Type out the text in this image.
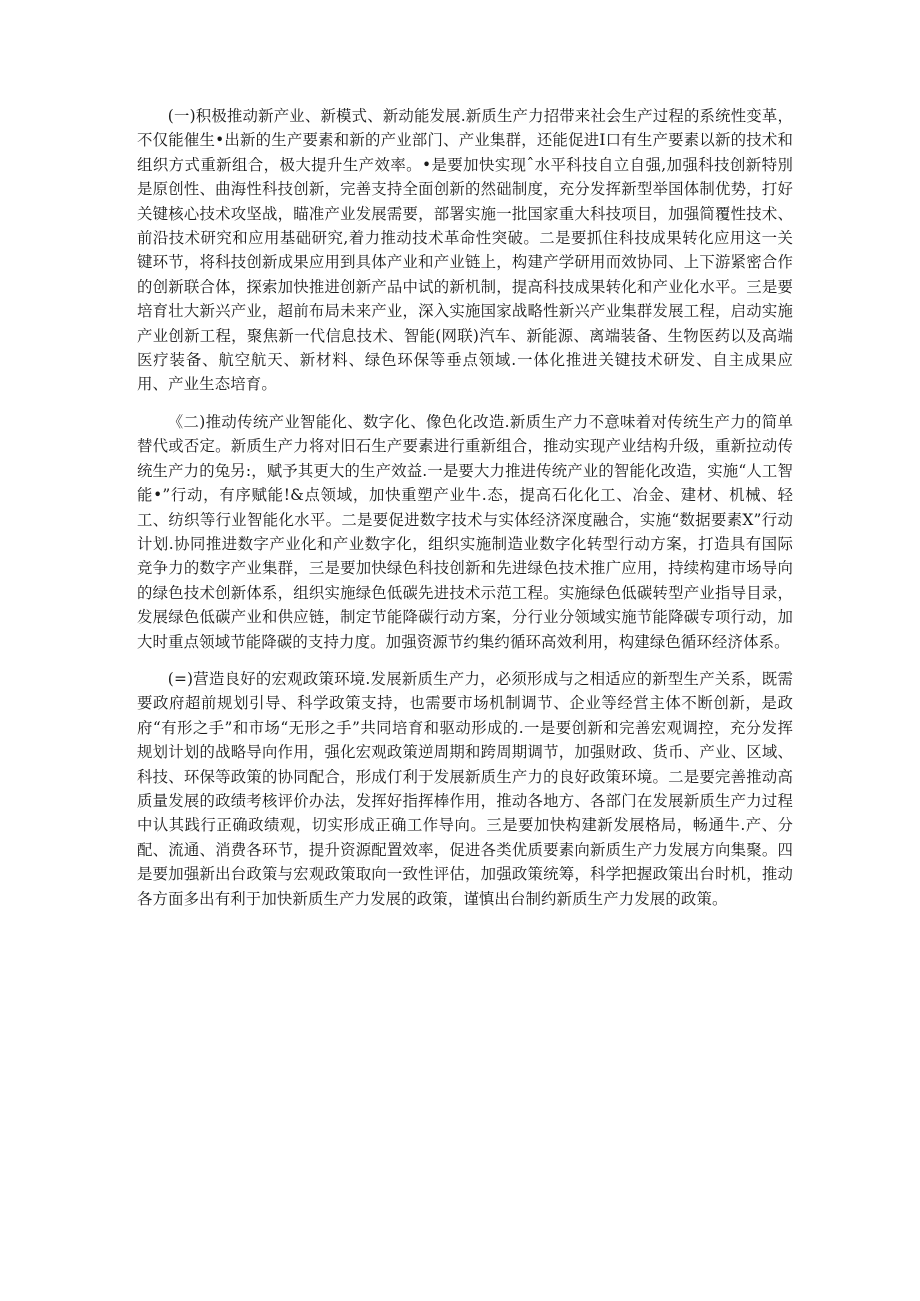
(一)积极推动新产业、新模式、新动能发展.新质生产力招带来社会生产过程的系统性变革，不仅能催生•出新的生产要素和新的产业部门、产业集群，还能促进I口有生产要素以新的技术和组织方式重新组合，极大提升生产效率。•是要加快实现ˆ水平科技自立自强,加强科技创新特別是原创性、曲海性科技创新，完善支持全面创新的然础制度，充分发挥新型举国体制优势，打好关键核心技术攻坚战，瞄准产业发展需要，部署实施一批国家重大科技项目，加强简覆性技术、前沿技术研究和应用基础研究,着力推动技术革命性突破。二是要抓住科技成果转化应用这一关键环节，将科技创新成果应用到具体产业和产业链上，构建产学研用而效协同、上下游紧密合作的创新联合体，探索加快推进创新产品中试的新机制，提高科技成果转化和产业化水平。三是要培育壮大新兴产业，超前布局未来产业，深入实施国家战略性新兴产业集群发展工程，启动实施产业创新工程，聚焦新一代信息技术、智能(网联)汽车、新能源、离端装备、生物医药以及高端医疗装备、航空航天、新材料、绿色环保等垂点领域.一体化推进关键技术研发、自主成果应用、产业生态培育。

《二)推动传统产业智能化、数字化、像色化改造.新质生产力不意味着对传统生产力的简单替代或否定。新质生产力将对旧石生产要素进行重新组合，推动实现产业结构升级，重新拉动传统生产力的兔另:，赋予其更大的生产效益.一是要大力推进传统产业的智能化改造，实施“人工智能•”行动，有序赋能!&点领域，加快重塑产业牛.态，提高石化化工、冶金、建材、机械、轻工、纺织等行业智能化水平。二是要促进数字技术与实体经济深度融合，实施“数据要素X”行动计划.协同推进数字产业化和产业数字化，组织实施制造业数字化转型行动方案，打造具有国际竞争力的数字产业集群，三是要加快绿色科技创新和先进绿色技术推广应用，持续构建市场导向的绿色技术创新体系，组织实施绿色低碳先进技术示范工程。实施绿色低碳转型产业指导目录，发展绿色低碳产业和供应链，制定节能降碳行动方案，分行业分领域实施节能降碳专项行动，加大时重点领域节能降碳的支持力度。加强资源节约集约循环高效利用，构建绿色循环经济体系。

(=)营造良好的宏观政策环境.发展新质生产力，必须形成与之相适应的新型生产关系，既需要政府超前规划引导、科学政策支持，也需要市场机制调节、企业等经営主体不断创新，是政府“有形之手”和市场“无形之手”共同培育和驱动形成的.一是要创新和完善宏观调控，充分发挥规划计划的战略导向作用，强化宏观政策逆周期和跨周期调节，加强财政、货币、产业、区域、科技、环保等政策的协同配合，形成仃利于发展新质生产力的良好政策环境。二是要完善推动高质量发展的政绩考核评价办法，发挥好指挥棒作用，推动各地方、各部门在发展新质生产力过程中认其践行正确政绩观，切实形成正确工作导向。三是要加快构建新发展格局，畅通牛.产、分配、流通、消费各环节，提升资源配置效率，促进各类优质要素向新质生产力发展方向集聚。四是要加强新出台政策与宏观政策取向一致性评估，加强政策统筹，科学把握政策出台时机，推动各方面多出有利于加快新质生产力发展的政策，谨慎出台制约新质生产力发展的政策。
